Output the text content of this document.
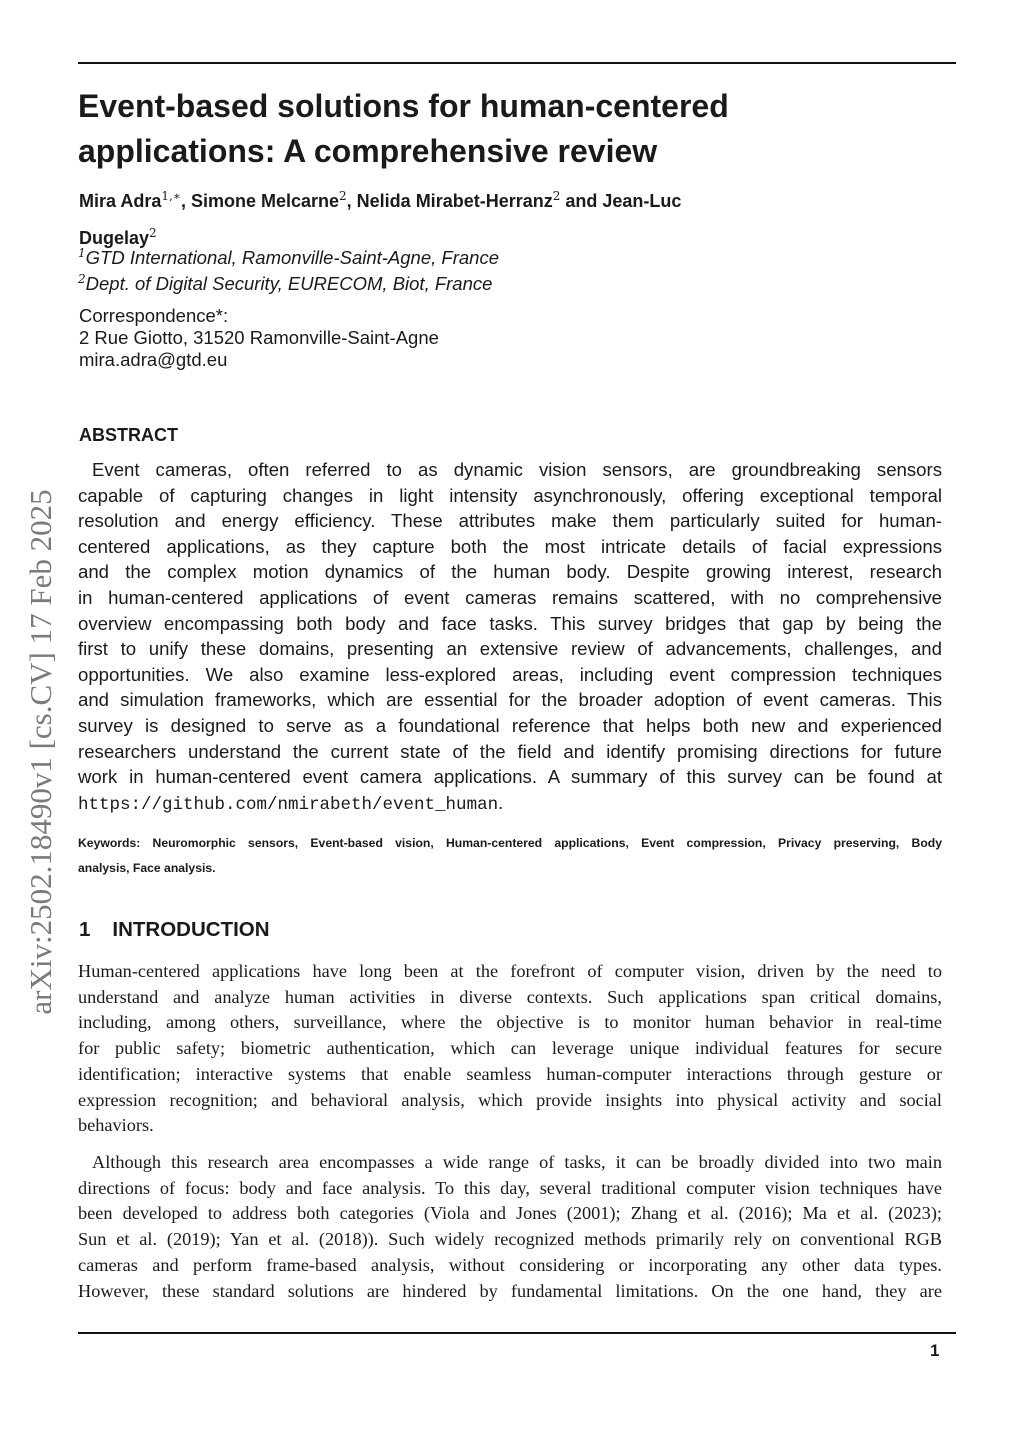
Event-based solutions for human-centered
applications: A comprehensive review
Mira Adra$^{1,∗}$, Simone Melcarne$^2$, Nelida Mirabet-Herranz$^2$ and Jean-Luc
Dugelay$^2$
$^1$GTD International, Ramonville-Saint-Agne, France
$^2$Dept. of Digital Security, EURECOM, Biot, France
Correspondence*:
2 Rue Giotto, 31520 Ramonville-Saint-Agne
mira.adra@gtd.eu
ABSTRACT
Event cameras, often referred to as dynamic vision sensors, are groundbreaking sensors
capable of capturing changes in light intensity asynchronously, offering exceptional temporal
resolution and energy efficiency. These attributes make them particularly suited for human-
centered applications, as they capture both the most intricate details of facial expressions
and the complex motion dynamics of the human body. Despite growing interest, research
in human-centered applications of event cameras remains scattered, with no comprehensive
overview encompassing both body and face tasks. This survey bridges that gap by being the
first to unify these domains, presenting an extensive review of advancements, challenges, and
opportunities. We also examine less-explored areas, including event compression techniques
and simulation frameworks, which are essential for the broader adoption of event cameras. This
survey is designed to serve as a foundational reference that helps both new and experienced
researchers understand the current state of the field and identify promising directions for future
work in human-centered event camera applications. A summary of this survey can be found at
https://github.com/nmirabeth/event_human.
Keywords: Neuromorphic sensors, Event-based vision, Human-centered applications, Event compression, Privacy preserving, Body
analysis, Face analysis.
1 INTRODUCTION
Human-centered applications have long been at the forefront of computer vision, driven by the need to
understand and analyze human activities in diverse contexts. Such applications span critical domains,
including, among others, surveillance, where the objective is to monitor human behavior in real-time
for public safety; biometric authentication, which can leverage unique individual features for secure
identification; interactive systems that enable seamless human-computer interactions through gesture or
expression recognition; and behavioral analysis, which provide insights into physical activity and social
behaviors.
Although this research area encompasses a wide range of tasks, it can be broadly divided into two main
directions of focus: body and face analysis. To this day, several traditional computer vision techniques have
been developed to address both categories (Viola and Jones (2001); Zhang et al. (2016); Ma et al. (2023);
Sun et al. (2019); Yan et al. (2018)). Such widely recognized methods primarily rely on conventional RGB
cameras and perform frame-based analysis, without considering or incorporating any other data types.
However, these standard solutions are hindered by fundamental limitations. On the one hand, they are
1
arXiv:2502.18490v1 [cs.CV] 17 Feb 2025
